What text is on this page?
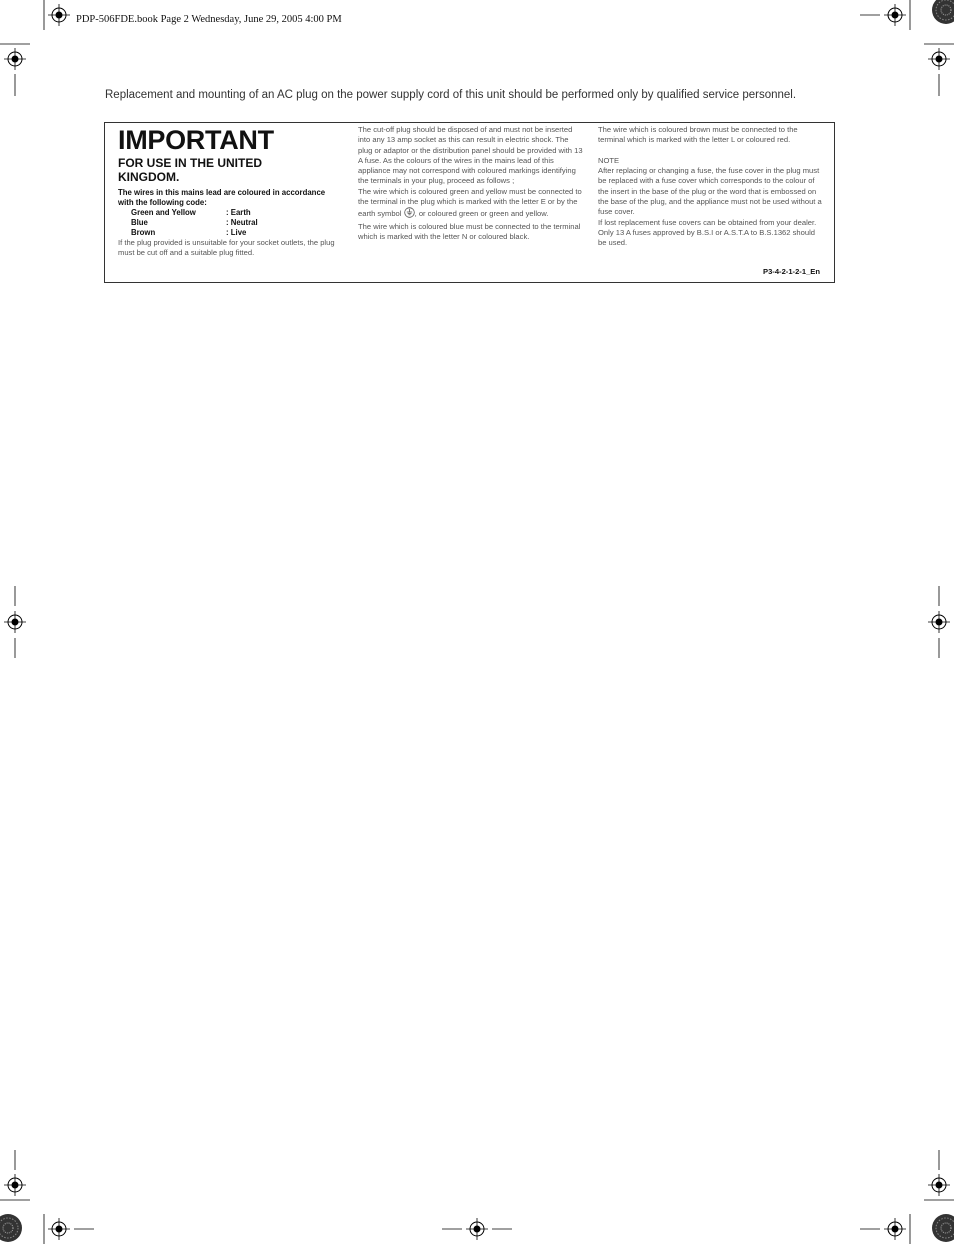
PDP-506FDE.book Page 2 Wednesday, June 29, 2005 4:00 PM
Replacement and mounting of an AC plug on the power supply cord of this unit should be performed only by qualified service personnel.
IMPORTANT
FOR USE IN THE UNITED KINGDOM.
The wires in this mains lead are coloured in accordance with the following code:
Green and Yellow	: Earth
Blue	: Neutral
Brown	: Live

If the plug provided is unsuitable for your socket outlets, the plug must be cut off and a suitable plug fitted.

The cut-off plug should be disposed of and must not be inserted into any 13 amp socket as this can result in electric shock. The plug or adaptor or the distribution panel should be provided with 13 A fuse. As the colours of the wires in the mains lead of this appliance may not correspond with coloured markings identifying the terminals in your plug, proceed as follows ;

The wire which is coloured green and yellow must be connected to the terminal in the plug which is marked with the letter E or by the earth symbol , or coloured green or green and yellow.

The wire which is coloured blue must be connected to the terminal which is marked with the letter N or coloured black.

The wire which is coloured brown must be connected to the terminal which is marked with the letter L or coloured red.

NOTE

After replacing or changing a fuse, the fuse cover in the plug must be replaced with a fuse cover which corresponds to the colour of the insert in the base of the plug or the word that is embossed on the base of the plug, and the appliance must not be used without a fuse cover.

If lost replacement fuse covers can be obtained from your dealer.

Only 13 A fuses approved by B.S.I or A.S.T.A to B.S.1362 should be used.

P3-4-2-1-2-1_En
